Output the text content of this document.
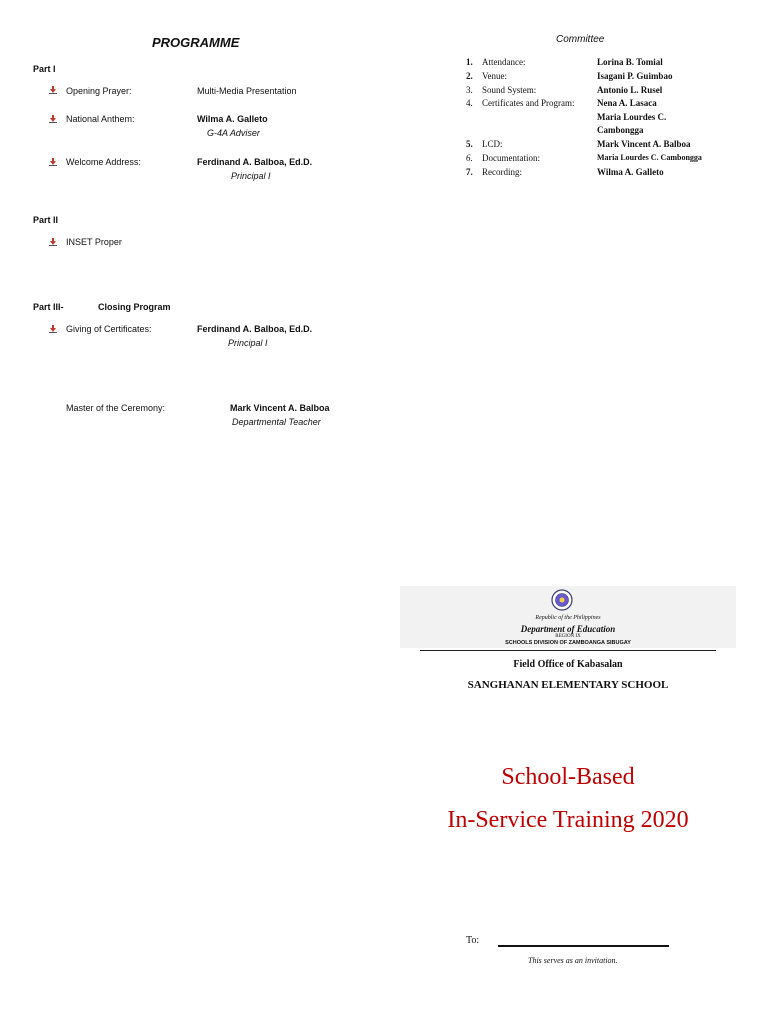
PROGRAMME
Part I
Opening Prayer:	Multi-Media Presentation
National Anthem:	Wilma A. Galleto
G-4A Adviser
Welcome Address:	Ferdinand A. Balboa, Ed.D.
Principal I
Part II
INSET Proper
Part III-	Closing Program
Giving of Certificates:	Ferdinand A. Balboa, Ed.D.
Principal I
Master of the Ceremony:	Mark Vincent A. Balboa
Departmental Teacher
Committee
1.	Attendance:	Lorina B. Tomial
2.	Venue:	Isagani P. Guimbao
3.	Sound System:	Antonio L. Rusel
4.	Certificates and Program:	Nena A. Lasaca
Maria Lourdes C.
Cambongga
5.	LCD:	Mark Vincent A. Balboa
6.	Documentation:	Maria Lourdes C. Cambongga
7.	Recording:	Wilma A. Galleto
Republic of the Philippines
Department of Education
REGION IX
SCHOOLS DIVISION OF ZAMBOANGA SIBUGAY
Field Office of Kabasalan
SANGHANAN ELEMENTARY SCHOOL
School-Based
In-Service Training 2020
To:
This serves as an invitation.
